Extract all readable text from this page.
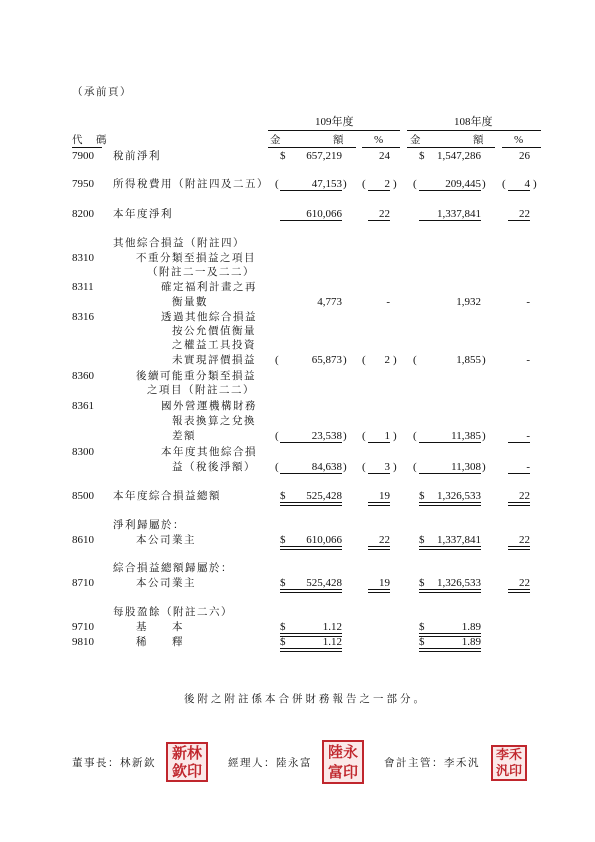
（承前頁）
109年度	108年度
代　碼	金　　　　　額	%	金　　　　　額	%
7900 稅前淨利	$	657,219	24	$	1,547,286	26
7950 所得稅費用（附註四及二五） (	47,153 ) (	2 ) (	209,445 ) (	4 )
8200 本年度淨利	610,066	22	1,337,841	22
其他綜合損益（附註四）
8310	不重分類至損益之項目
（附註二一及二二）
8311	確定福利計畫之再
衡量數	4,773	-	1,932	-
8316	透過其他綜合損益
按公允價值衡量
之權益工具投資
未實現評價損益 (	65,873 ) (	2 ) (	1,855 )	-
8360	後續可能重分類至損益
之項目（附註二二）
8361	國外營運機構財務
報表換算之兌換
差額	(	23,538 ) (	1 ) (	11,385 )	-
8300	本年度其他綜合損
益（稅後淨額） (	84,638 ) (	3 ) (	11,308 )	-
8500 本年度綜合損益總額	$	525,428	19	$	1,326,533	22
淨利歸屬於：
8610	本公司業主	$	610,066	22	$	1,337,841	22
綜合損益總額歸屬於：
8710	本公司業主	$	525,428	19	$	1,326,533	22
每股盈餘（附註二六）
9710	基　　本	$	1.12	$	1.89
9810	稀　　釋	$	1.12	$	1.89
後附之附註係本合併財務報告之一部分。
董事長：林新欽
新林
欽印 經理人：陸永富
陸永
富印 會計主管：李禾汎
李禾
汎印
